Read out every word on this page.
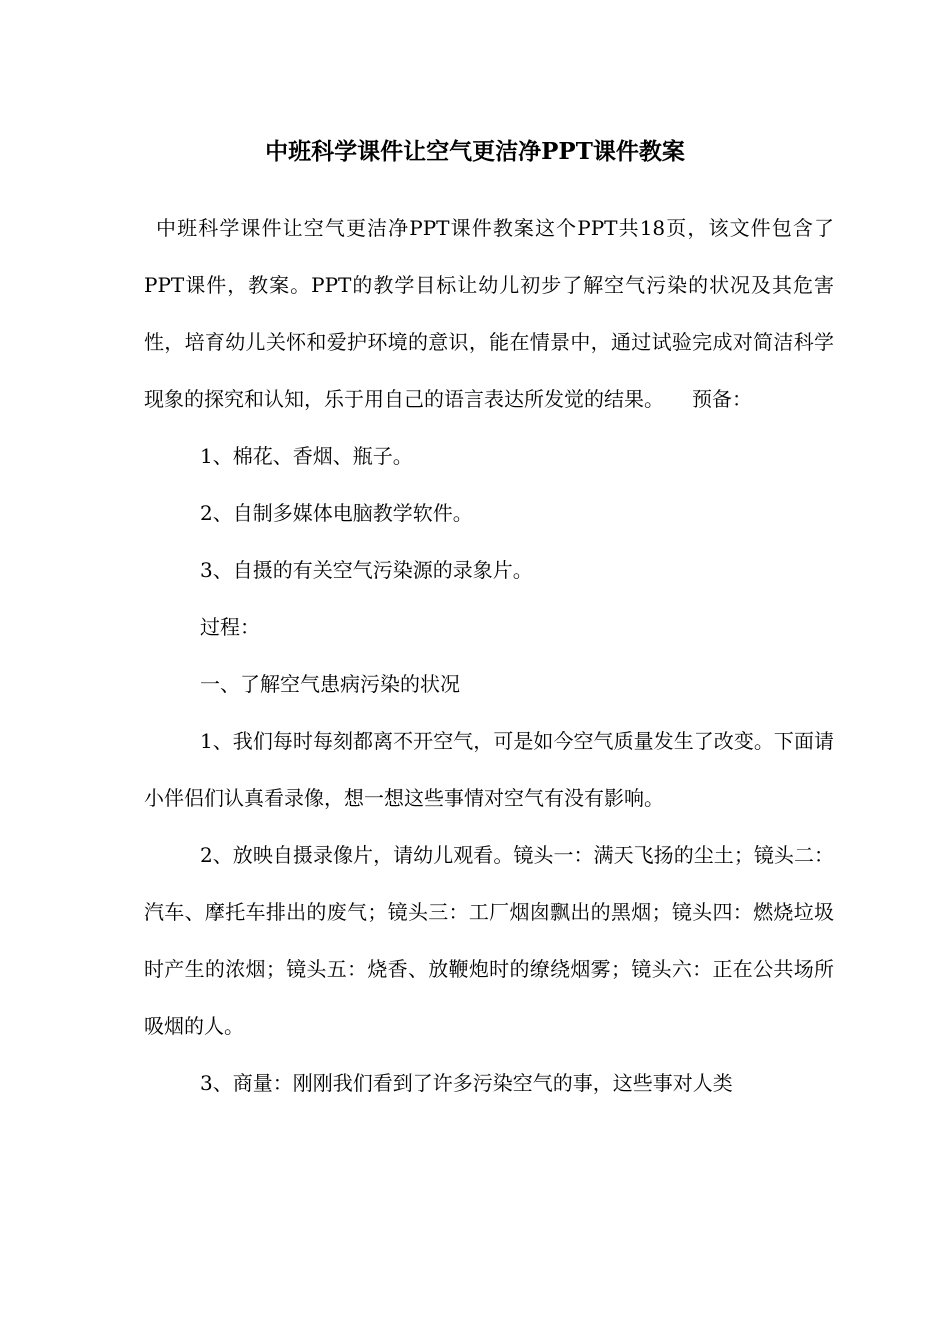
中班科学课件让空气更洁净PPT课件教案

中班科学课件让空气更洁净PPT课件教案这个PPT共18页，该文件包含了PPT课件，教案。PPT的教学目标让幼儿初步了解空气污染的状况及其危害性，培育幼儿关怀和爱护环境的意识，能在情景中，通过试验完成对简洁科学现象的探究和认知，乐于用自己的语言表达所发觉的结果。 预备：

1、棉花、香烟、瓶子。

2、自制多媒体电脑教学软件。

3、自摄的有关空气污染源的录象片。

过程：

一、了解空气患病污染的状况

1、我们每时每刻都离不开空气，可是如今空气质量发生了改变。下面请小伴侣们认真看录像，想一想这些事情对空气有没有影响。

2、放映自摄录像片，请幼儿观看。镜头一：满天飞扬的尘土；镜头二：汽车、摩托车排出的废气；镜头三：工厂烟囱飘出的黑烟；镜头四：燃烧垃圾时产生的浓烟；镜头五：烧香、放鞭炮时的缭绕烟雾；镜头六：正在公共场所吸烟的人。

3、商量：刚刚我们看到了许多污染空气的事，这些事对人类
